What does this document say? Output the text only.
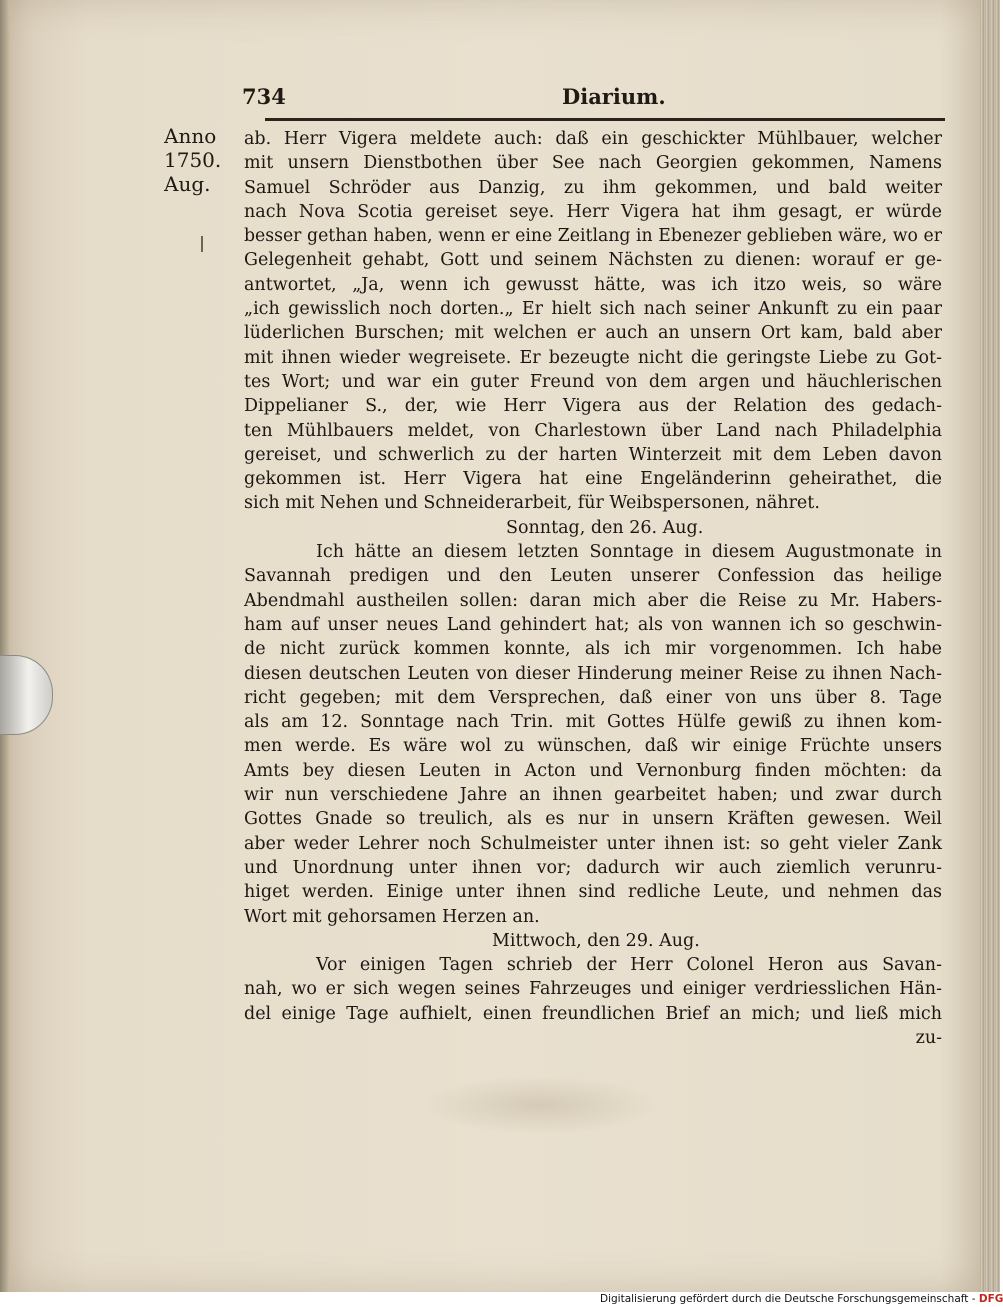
734	Diarium.
Anno
1750.
Aug.
ab. Herr Vigera meldete auch: daß ein geschickter Mühlbauer, welcher
mit unsern Dienstbothen über See nach Georgien gekommen, Namens
Samuel Schröder aus Danzig, zu ihm gekommen, und bald weiter
nach Nova Scotia gereiset seye. Herr Vigera hat ihm gesagt, er würde
besser gethan haben, wenn er eine Zeitlang in Ebenezer geblieben wäre, wo er
Gelegenheit gehabt, Gott und seinem Nächsten zu dienen: worauf er ge-
antwortet, „Ja, wenn ich gewusst hätte, was ich itzo weis, so wäre
„ich gewisslich noch dorten.„ Er hielt sich nach seiner Ankunft zu ein paar
lüderlichen Burschen; mit welchen er auch an unsern Ort kam, bald aber
mit ihnen wieder wegreisete. Er bezeugte nicht die geringste Liebe zu Got-
tes Wort; und war ein guter Freund von dem argen und häuchlerischen
Dippelianer S., der, wie Herr Vigera aus der Relation des gedach-
ten Mühlbauers meldet, von Charlestown über Land nach Philadelphia
gereiset, und schwerlich zu der harten Winterzeit mit dem Leben davon
gekommen ist. Herr Vigera hat eine Engeländerinn geheirathet, die
sich mit Nehen und Schneiderarbeit, für Weibspersonen, nähret.
Sonntag, den 26. Aug.
Ich hätte an diesem letzten Sonntage in diesem Augustmonate in
Savannah predigen und den Leuten unserer Confession das heilige
Abendmahl austheilen sollen: daran mich aber die Reise zu Mr. Habers-
ham auf unser neues Land gehindert hat; als von wannen ich so geschwin-
de nicht zurück kommen konnte, als ich mir vorgenommen. Ich habe
diesen deutschen Leuten von dieser Hinderung meiner Reise zu ihnen Nach-
richt gegeben; mit dem Versprechen, daß einer von uns über 8. Tage
als am 12. Sonntage nach Trin. mit Gottes Hülfe gewiß zu ihnen kom-
men werde. Es wäre wol zu wünschen, daß wir einige Früchte unsers
Amts bey diesen Leuten in Acton und Vernonburg finden möchten: da
wir nun verschiedene Jahre an ihnen gearbeitet haben; und zwar durch
Gottes Gnade so treulich, als es nur in unsern Kräften gewesen. Weil
aber weder Lehrer noch Schulmeister unter ihnen ist: so geht vieler Zank
und Unordnung unter ihnen vor; dadurch wir auch ziemlich verunru-
higet werden. Einige unter ihnen sind redliche Leute, und nehmen das
Wort mit gehorsamen Herzen an.
Mittwoch, den 29. Aug.
Vor einigen Tagen schrieb der Herr Colonel Heron aus Savan-
nah, wo er sich wegen seines Fahrzeuges und einiger verdriesslichen Hän-
del einige Tage aufhielt, einen freundlichen Brief an mich; und ließ mich
zu-
Digitalisierung gefördert durch die Deutsche Forschungsgemeinschaft - DFG
